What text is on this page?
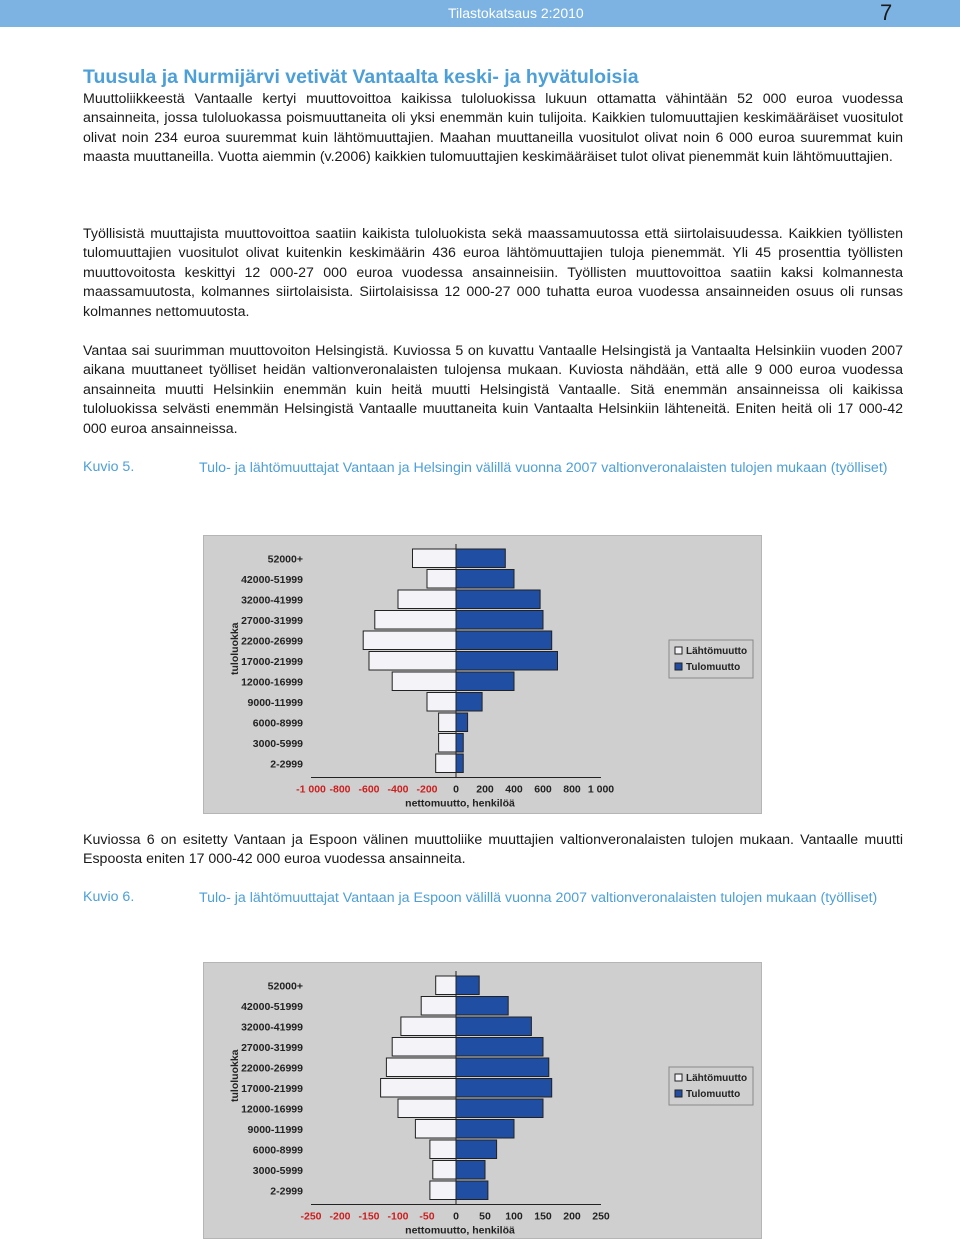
Tilastokatsaus 2:2010	7
Tuusula ja Nurmijärvi vetivät Vantaalta keski- ja hyvätuloisia

Muuttoliikkeestä Vantaalle kertyi muuttovoittoa kaikissa tuloluokissa lukuun ottamatta vähintään 52 000 euroa vuodessa ansainneita, jossa tuloluokassa poismuuttaneita oli yksi enemmän kuin tulijoita. Kaikkien tulomuuttajien keskimääräiset vuositulot olivat noin 234 euroa suuremmat kuin lähtömuuttajien. Maahan muuttaneilla vuositulot olivat noin 6 000 euroa suuremmat kuin maasta muuttaneilla. Vuotta aiemmin (v.2006) kaikkien tulomuuttajien keskimääräiset tulot olivat pienemmät kuin lähtömuuttajien.

Työllisistä muuttajista muuttovoittoa saatiin kaikista tuloluokista sekä maassamuutossa että siirtolaisuudessa. Kaikkien työllisten tulomuuttajien vuositulot olivat kuitenkin keskimäärin 436 euroa lähtömuuttajien tuloja pienemmät. Yli 45 prosenttia työllisten muuttovoitosta keskittyi 12 000-27 000 euroa vuodessa ansainneisiin. Työllisten muuttovoittoa saatiin kaksi kolmannesta maassamuutosta, kolmannes siirtolaisista. Siirtolaisissa 12 000-27 000 tuhatta euroa vuodessa ansainneiden osuus oli runsas kolmannes nettomuutosta.

Vantaa sai suurimman muuttovoiton Helsingistä. Kuviossa 5 on kuvattu Vantaalle Helsingistä ja Vantaalta Helsinkiin vuoden 2007 aikana muuttaneet työlliset heidän valtionveronalaisten tulojensa mukaan. Kuviosta nähdään, että alle 9 000 euroa vuodessa ansainneita muutti Helsinkiin enemmän kuin heitä muutti Helsingistä Vantaalle. Sitä enemmän ansainneissa oli kaikissa tuloluokissa selvästi enemmän Helsingistä Vantaalle muuttaneita kuin Vantaalta Helsinkiin lähteneitä. Eniten heitä oli 17 000-42 000 euroa ansainneissa.

Kuvio 5.	Tulo- ja lähtömuuttajat Vantaan ja Helsingin välillä vuonna 2007 valtionveronalaisten tulojen mukaan (työlliset)
52000+
42000-51999
32000-41999
27000-31999
22000-26999
17000-21999
12000-16999
9000-11999
6000-8999
3000-5999
2-2999
-1 000 -800 -600 -400 -200 0 200 400 600 800 1 000
nettomuutto, henkilöä
tuloluokka	Lähtömuutto
Tulomuutto

Kuviossa 6 on esitetty Vantaan ja Espoon välinen muuttoliike muuttajien valtionveronalaisten tulojen mukaan. Vantaalle muutti Espoosta eniten 17 000-42 000 euroa vuodessa ansainneita.

Kuvio 6.	Tulo- ja lähtömuuttajat Vantaan ja Espoon välillä vuonna 2007 valtionveronalaisten tulojen mukaan (työlliset)
52000+
42000-51999
32000-41999
27000-31999
22000-26999
17000-21999
12000-16999
9000-11999
6000-8999
3000-5999
2-2999
-250 -200 -150 -100 -50 0 50 100 150 200 250
nettomuutto, henkilöä
tuloluokka	Lähtömuutto
Tulomuutto
